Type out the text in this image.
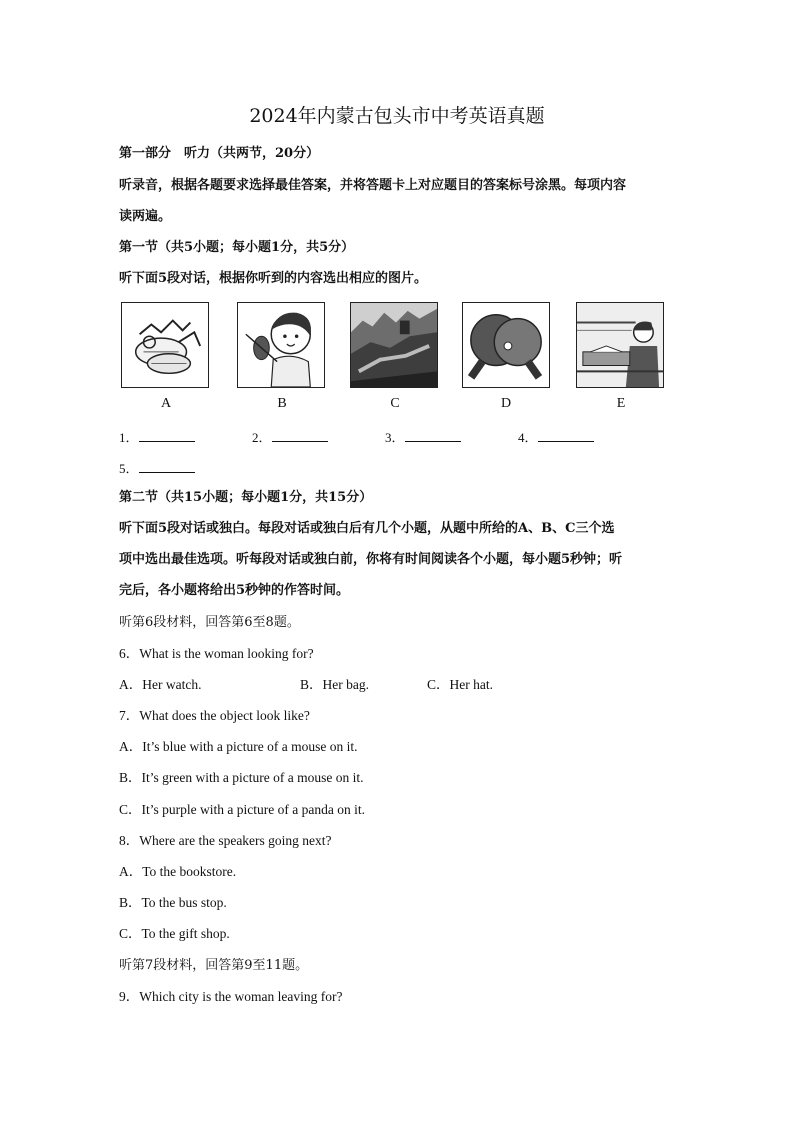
2024年内蒙古包头市中考英语真题
第一部分　听力（共两节，20分）
听录音，根据各题要求选择最佳答案，并将答题卡上对应题目的答案标号涂黑。每项内容
读两遍。
第一节（共5小题；每小题1分，共5分）
听下面5段对话，根据你听到的内容选出相应的图片。
A	B	C	D	E
1．	2．	3．	4．
5．
第二节（共15小题；每小题1分，共15分）
听下面5段对话或独白。每段对话或独白后有几个小题，从题中所给的A、B、C三个选
项中选出最佳选项。听每段对话或独白前，你将有时间阅读各个小题，每小题5秒钟；听
完后，各小题将给出5秒钟的作答时间。
听第6段材料，回答第6至8题。
6．What is the woman looking for?
A．Her watch.	B．Her bag.	C．Her hat.
7．What does the object look like?
A．It’s blue with a picture of a mouse on it.
B．It’s green with a picture of a mouse on it.
C．It’s purple with a picture of a panda on it.
8．Where are the speakers going next?
A．To the bookstore.
B．To the bus stop.
C．To the gift shop.
听第7段材料，回答第9至11题。
9．Which city is the woman leaving for?
